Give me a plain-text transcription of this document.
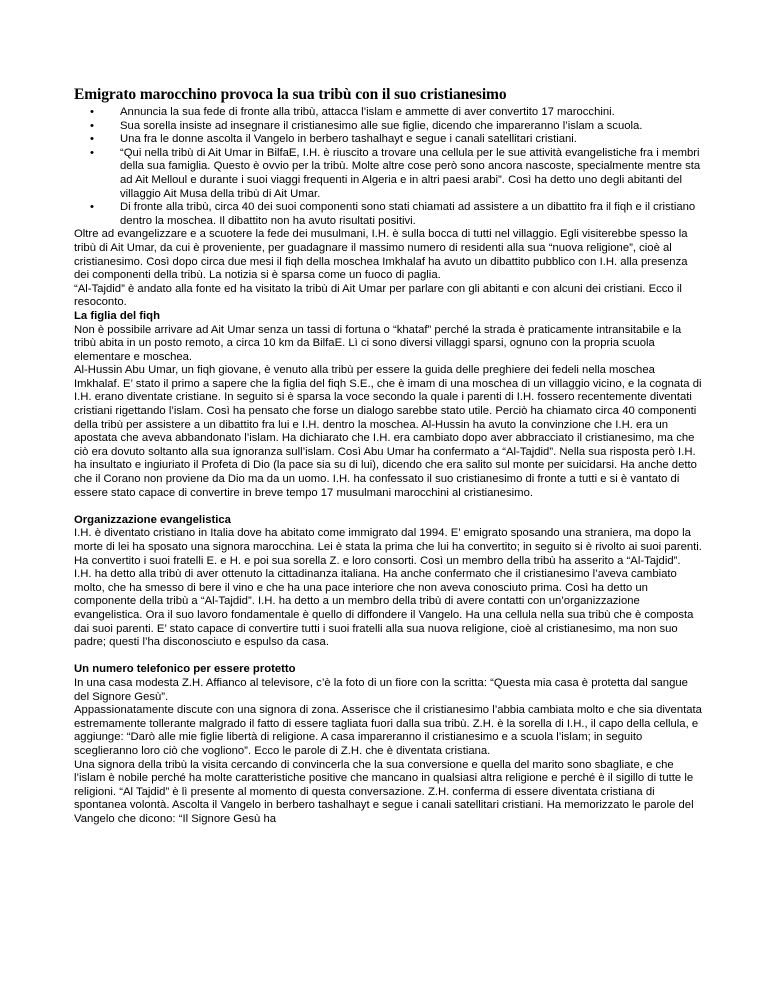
Emigrato marocchino provoca la sua tribù con il suo cristianesimo
• Annuncia la sua fede di fronte alla tribù, attacca l’islam e ammette di aver convertito 17 marocchini.
• Sua sorella insiste ad insegnare il cristianesimo alle sue figlie, dicendo che impareranno l’islam a scuola.
• Una fra le donne ascolta il Vangelo in berbero tashalhayt e segue i canali satellitari cristiani.
• “Qui nella tribù di Ait Umar in BilfaE, I.H. è riuscito a trovare una cellula per le sue attività evangelistiche fra i membri della sua famiglia. Questo è ovvio per la tribù. Molte altre cose però sono ancora nascoste, specialmente mentre sta ad Ait Melloul e durante i suoi viaggi frequenti in Algeria e in altri paesi arabi”. Così ha detto uno degli abitanti del villaggio Ait Musa della tribù di Ait Umar.
• Di fronte alla tribù, circa 40 dei suoi componenti sono stati chiamati ad assistere a un dibattito fra il fiqh e il cristiano dentro la moschea. Il dibattito non ha avuto risultati positivi.

Oltre ad evangelizzare e a scuotere la fede dei musulmani, I.H. è sulla bocca di tutti nel villaggio. Egli visiterebbe spesso la tribù di Ait Umar, da cui è proveniente, per guadagnare il massimo numero di residenti alla sua “nuova religione”, cioè al cristianesimo. Così dopo circa due mesi il fiqh della moschea Imkhalaf ha avuto un dibattito pubblico con I.H. alla presenza dei componenti della tribù. La notizia si è sparsa come un fuoco di paglia.

“Al-Tajdid” è andato alla fonte ed ha visitato la tribù di Ait Umar per parlare con gli abitanti e con alcuni dei cristiani. Ecco il resoconto.

La figlia del fiqh

Non è possibile arrivare ad Ait Umar senza un tassi di fortuna o “khataf” perché la strada è praticamente intransitabile e la tribù abita in un posto remoto, a circa 10 km da BilfaE. Lì ci sono diversi villaggi sparsi, ognuno con la propria scuola elementare e moschea.

Al-Hussin Abu Umar, un fiqh giovane, è venuto alla tribù per essere la guida delle preghiere dei fedeli nella moschea Imkhalaf. E’ stato il primo a sapere che la figlia del fiqh S.E., che è imam di una moschea di un villaggio vicino, e la cognata di I.H. erano diventate cristiane. In seguito si è sparsa la voce secondo la quale i parenti di I.H. fossero recentemente diventati cristiani rigettando l’islam. Così ha pensato che forse un dialogo sarebbe stato utile. Perciò ha chiamato circa 40 componenti della tribù per assistere a un dibattito fra lui e I.H. dentro la moschea. Al-Hussin ha avuto la convinzione che I.H. era un apostata che aveva abbandonato l’islam. Ha dichiarato che I.H. era cambiato dopo aver abbracciato il cristianesimo, ma che ciò era dovuto soltanto alla sua ignoranza sull’islam. Così Abu Umar ha confermato a “Al-Tajdid”. Nella sua risposta però I.H. ha insultato e ingiuriato il Profeta di Dio (la pace sia su di lui), dicendo che era salito sul monte per suicidarsi. Ha anche detto che il Corano non proviene da Dio ma da un uomo. I.H. ha confessato il suo cristianesimo di fronte a tutti e si è vantato di essere stato capace di convertire in breve tempo 17 musulmani marocchini al cristianesimo.

Organizzazione evangelistica

I.H. è diventato cristiano in Italia dove ha abitato come immigrato dal 1994. E’ emigrato sposando una straniera, ma dopo la morte di lei ha sposato una signora marocchina. Lei è stata la prima che lui ha convertito; in seguito si è rivolto ai suoi parenti. Ha convertito i suoi fratelli E. e H. e poi sua sorella Z. e loro consorti. Così un membro della tribù ha asserito a “Al-Tajdid”.

I.H. ha detto alla tribù di aver ottenuto la cittadinanza italiana. Ha anche confermato che il cristianesimo l’aveva cambiato molto, che ha smesso di bere il vino e che ha una pace interiore che non aveva conosciuto prima. Così ha detto un componente della tribù a “Al-Tajdid”. I.H. ha detto a un membro della tribù di avere contatti con un’organizzazione evangelistica. Ora il suo lavoro fondamentale è quello di diffondere il Vangelo. Ha una cellula nella sua tribù che è composta dai suoi parenti. E’ stato capace di convertire tutti i suoi fratelli alla sua nuova religione, cioè al cristianesimo, ma non suo padre; questi l’ha disconosciuto e espulso da casa.

Un numero telefonico per essere protetto

In una casa modesta Z.H. Affianco al televisore, c’è la foto di un fiore con la scritta: “Questa mia casa è protetta dal sangue del Signore Gesù”.

Appassionatamente discute con una signora di zona. Asserisce che il cristianesimo l’abbia cambiata molto e che sia diventata estremamente tollerante malgrado il fatto di essere tagliata fuori dalla sua tribù. Z.H. è la sorella di I.H., il capo della cellula, e aggiunge: “Darò alle mie figlie libertà di religione. A casa impareranno il cristianesimo e a scuola l’islam; in seguito sceglieranno loro ciò che vogliono”. Ecco le parole di Z.H. che è diventata cristiana.

Una signora della tribù la visita cercando di convincerla che la sua conversione e quella del marito sono sbagliate, e che l’islam è nobile perché ha molte caratteristiche positive che mancano in qualsiasi altra religione e perché è il sigillo di tutte le religioni. “Al Tajdid” è lì presente al momento di questa conversazione. Z.H. conferma di essere diventata cristiana di spontanea volontà. Ascolta il Vangelo in berbero tashalhayt e segue i canali satellitari cristiani. Ha memorizzato le parole del Vangelo che dicono: “Il Signore Gesù ha
